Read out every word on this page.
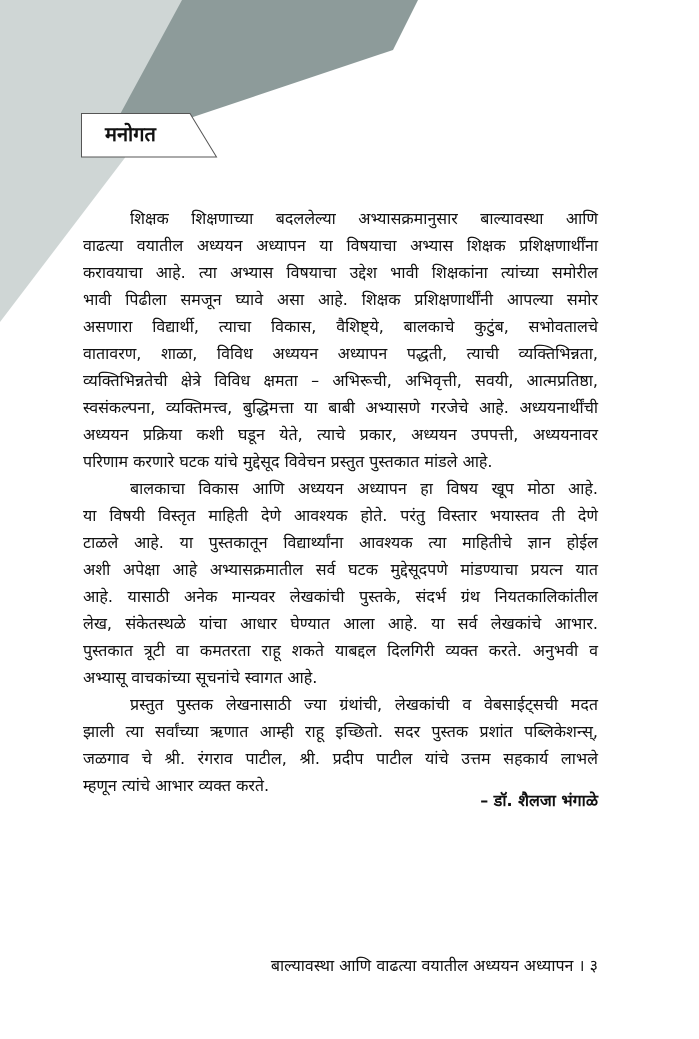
मनोगत
शिक्षक शिक्षणाच्या बदललेल्या अभ्यासक्रमानुसार बाल्यावस्था आणि
वाढत्या वयातील अध्ययन अध्यापन या विषयाचा अभ्यास शिक्षक प्रशिक्षणार्थींना
करावयाचा आहे. त्या अभ्यास विषयाचा उद्देश भावी शिक्षकांना त्यांच्या समोरील
भावी पिढीला समजून घ्यावे असा आहे. शिक्षक प्रशिक्षणार्थींनी आपल्या समोर
असणारा विद्यार्थी, त्याचा विकास, वैशिष्ट्ये, बालकाचे कुटुंब, सभोवतालचे
वातावरण, शाळा, विविध अध्ययन अध्यापन पद्धती, त्याची व्यक्तिभिन्नता,
व्यक्तिभिन्नतेची क्षेत्रे विविध क्षमता – अभिरूची, अभिवृत्ती, सवयी, आत्मप्रतिष्ठा,
स्वसंकल्पना, व्यक्तिमत्त्व, बुद्धिमत्ता या बाबी अभ्यासणे गरजेचे आहे. अध्ययनार्थींची
अध्ययन प्रक्रिया कशी घडून येते, त्याचे प्रकार, अध्ययन उपपत्ती, अध्ययनावर
परिणाम करणारे घटक यांचे मुद्देसूद विवेचन प्रस्तुत पुस्तकात मांडले आहे.
बालकाचा विकास आणि अध्ययन अध्यापन हा विषय खूप मोठा आहे.
या विषयी विस्तृत माहिती देणे आवश्यक होते. परंतु विस्तार भयास्तव ती देणे
टाळले आहे. या पुस्तकातून विद्यार्थ्यांना आवश्यक त्या माहितीचे ज्ञान होईल
अशी अपेक्षा आहे अभ्यासक्रमातील सर्व घटक मुद्देसूदपणे मांडण्याचा प्रयत्न यात
आहे. यासाठी अनेक मान्यवर लेखकांची पुस्तके, संदर्भ ग्रंथ नियतकालिकांतील
लेख, संकेतस्थळे यांचा आधार घेण्यात आला आहे. या सर्व लेखकांचे आभार.
पुस्तकात त्रूटी वा कमतरता राहू शकते याबद्दल दिलगिरी व्यक्त करते. अनुभवी व
अभ्यासू वाचकांच्या सूचनांचे स्वागत आहे.
प्रस्तुत पुस्तक लेखनासाठी ज्या ग्रंथांची, लेखकांची व वेबसाईट्सची मदत
झाली त्या सर्वांच्या ऋणात आम्ही राहू इच्छितो. सदर पुस्तक प्रशांत पब्लिकेशन्स्,
जळगाव चे श्री. रंगराव पाटील, श्री. प्रदीप पाटील यांचे उत्तम सहकार्य लाभले
म्हणून त्यांचे आभार व्यक्त करते.
– डॉ. शैलजा भंगाळे
बाल्यावस्था आणि वाढत्या वयातील अध्ययन अध्यापन । ३
